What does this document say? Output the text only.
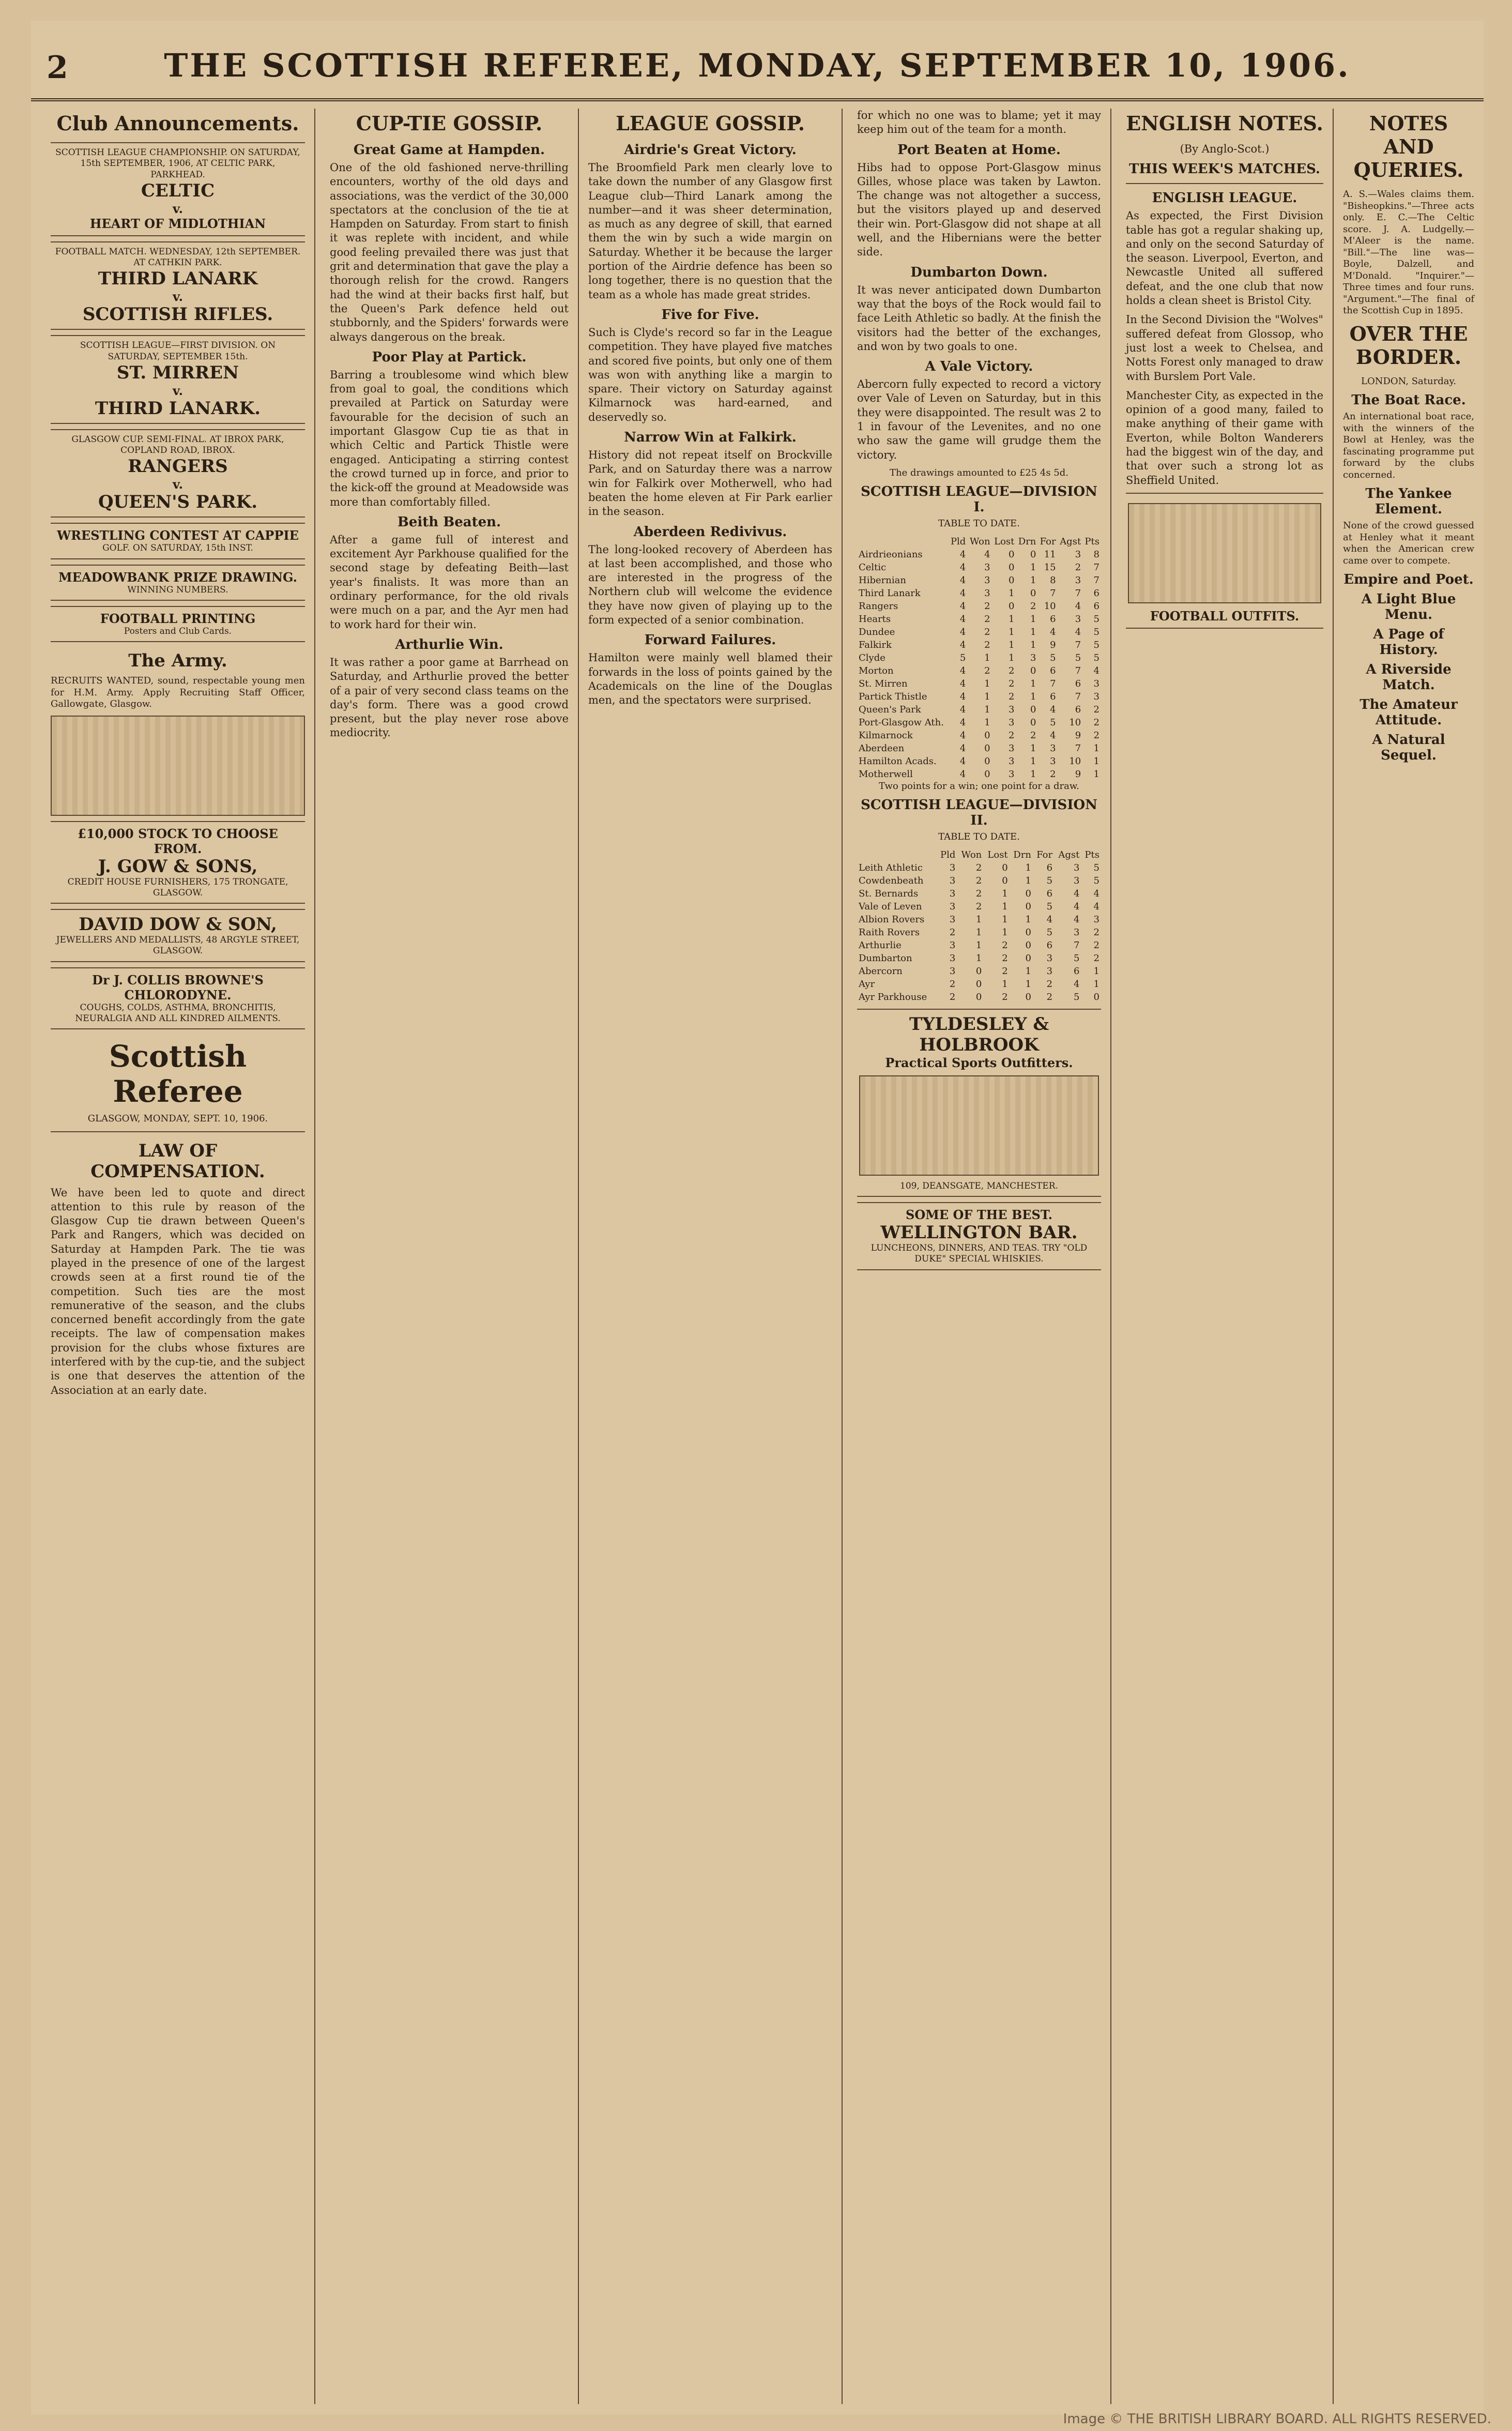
2	THE SCOTTISH REFEREE, MONDAY, SEPTEMBER 10, 1906.
Club Announcements.
SCOTTISH LEAGUE CHAMPIONSHIP. ON SATURDAY, 15th SEPTEMBER, 1906, AT CELTIC PARK, PARKHEAD.
CELTIC
v.
HEART OF MIDLOTHIAN
FOOTBALL MATCH. WEDNESDAY, 12th SEPTEMBER. AT CATHKIN PARK.
THIRD LANARK
v.
SCOTTISH RIFLES.
SCOTTISH LEAGUE—FIRST DIVISION. ON SATURDAY, SEPTEMBER 15th.
ST. MIRREN
v.
THIRD LANARK.
GLASGOW CUP. SEMI-FINAL. AT IBROX PARK, COPLAND ROAD, IBROX.
RANGERS
v.
QUEEN'S PARK.
WRESTLING CONTEST AT CAPPIE
GOLF. ON SATURDAY, 15th INST.
MEADOWBANK PRIZE DRAWING.
WINNING NUMBERS.
FOOTBALL PRINTING
Posters and Club Cards.
The Army.

RECRUITS WANTED, sound, respectable young men for H.M. Army. Apply Recruiting Staff Officer, Gallowgate, Glasgow.

£10,000 STOCK TO CHOOSE FROM.
J. GOW & SONS,
CREDIT HOUSE FURNISHERS, 175 TRONGATE, GLASGOW.
DAVID DOW & SON,
JEWELLERS AND MEDALLISTS, 48 ARGYLE STREET, GLASGOW.
Dr J. COLLIS BROWNE'S CHLORODYNE.
COUGHS, COLDS, ASTHMA, BRONCHITIS, NEURALGIA AND ALL KINDRED AILMENTS.
Scottish Referee

GLASGOW, MONDAY, SEPT. 10, 1906.

LAW OF COMPENSATION.

We have been led to quote and direct attention to this rule by reason of the Glasgow Cup tie drawn between Queen's Park and Rangers, which was decided on Saturday at Hampden Park. The tie was played in the presence of one of the largest crowds seen at a first round tie of the competition. Such ties are the most remunerative of the season, and the clubs concerned benefit accordingly from the gate receipts. The law of compensation makes provision for the clubs whose fixtures are interfered with by the cup-tie, and the subject is one that deserves the attention of the Association at an early date.

CUP-TIE GOSSIP.
Great Game at Hampden.

One of the old fashioned nerve-thrilling encounters, worthy of the old days and associations, was the verdict of the 30,000 spectators at the conclusion of the tie at Hampden on Saturday. From start to finish it was replete with incident, and while good feeling prevailed there was just that grit and determination that gave the play a thorough relish for the crowd. Rangers had the wind at their backs first half, but the Queen's Park defence held out stubbornly, and the Spiders' forwards were always dangerous on the break.

Poor Play at Partick.

Barring a troublesome wind which blew from goal to goal, the conditions which prevailed at Partick on Saturday were favourable for the decision of such an important Glasgow Cup tie as that in which Celtic and Partick Thistle were engaged. Anticipating a stirring contest the crowd turned up in force, and prior to the kick-off the ground at Meadowside was more than comfortably filled.

Beith Beaten.

After a game full of interest and excitement Ayr Parkhouse qualified for the second stage by defeating Beith—last year's finalists. It was more than an ordinary performance, for the old rivals were much on a par, and the Ayr men had to work hard for their win.

Arthurlie Win.

It was rather a poor game at Barrhead on Saturday, and Arthurlie proved the better of a pair of very second class teams on the day's form. There was a good crowd present, but the play never rose above mediocrity.

LEAGUE GOSSIP.
Airdrie's Great Victory.

The Broomfield Park men clearly love to take down the number of any Glasgow first League club—Third Lanark among the number—and it was sheer determination, as much as any degree of skill, that earned them the win by such a wide margin on Saturday. Whether it be because the larger portion of the Airdrie defence has been so long together, there is no question that the team as a whole has made great strides.

Five for Five.

Such is Clyde's record so far in the League competition. They have played five matches and scored five points, but only one of them was won with anything like a margin to spare. Their victory on Saturday against Kilmarnock was hard-earned, and deservedly so.

Narrow Win at Falkirk.

History did not repeat itself on Brockville Park, and on Saturday there was a narrow win for Falkirk over Motherwell, who had beaten the home eleven at Fir Park earlier in the season.

Aberdeen Redivivus.

The long-looked recovery of Aberdeen has at last been accomplished, and those who are interested in the progress of the Northern club will welcome the evidence they have now given of playing up to the form expected of a senior combination.

Forward Failures.

Hamilton were mainly well blamed their forwards in the loss of points gained by the Academicals on the line of the Douglas men, and the spectators were surprised.

for which no one was to blame; yet it may keep him out of the team for a month.

Port Beaten at Home.

Hibs had to oppose Port-Glasgow minus Gilles, whose place was taken by Lawton. The change was not altogether a success, but the visitors played up and deserved their win. Port-Glasgow did not shape at all well, and the Hibernians were the better side.

Dumbarton Down.

It was never anticipated down Dumbarton way that the boys of the Rock would fail to face Leith Athletic so badly. At the finish the visitors had the better of the exchanges, and won by two goals to one.

A Vale Victory.

Abercorn fully expected to record a victory over Vale of Leven on Saturday, but in this they were disappointed. The result was 2 to 1 in favour of the Levenites, and no one who saw the game will grudge them the victory.

The drawings amounted to £25 4s 5d.

SCOTTISH LEAGUE—DIVISION I.

TABLE TO DATE.

	Pld	Won	Lost	Drn	For	Agst	Pts
Airdrieonians	4	4	0	0	11	3	8
Celtic	4	3	0	1	15	2	7
Hibernian	4	3	0	1	8	3	7
Third Lanark	4	3	1	0	7	7	6
Rangers	4	2	0	2	10	4	6
Hearts	4	2	1	1	6	3	5
Dundee	4	2	1	1	4	4	5
Falkirk	4	2	1	1	9	7	5
Clyde	5	1	1	3	5	5	5
Morton	4	2	2	0	6	7	4
St. Mirren	4	1	2	1	7	6	3
Partick Thistle	4	1	2	1	6	7	3
Queen's Park	4	1	3	0	4	6	2
Port-Glasgow Ath.	4	1	3	0	5	10	2
Kilmarnock	4	0	2	2	4	9	2
Aberdeen	4	0	3	1	3	7	1
Hamilton Acads.	4	0	3	1	3	10	1
Motherwell	4	0	3	1	2	9	1

Two points for a win; one point for a draw.

SCOTTISH LEAGUE—DIVISION II.

TABLE TO DATE.

	Pld	Won	Lost	Drn	For	Agst	Pts
Leith Athletic	3	2	0	1	6	3	5
Cowdenbeath	3	2	0	1	5	3	5
St. Bernards	3	2	1	0	6	4	4
Vale of Leven	3	2	1	0	5	4	4
Albion Rovers	3	1	1	1	4	4	3
Raith Rovers	2	1	1	0	5	3	2
Arthurlie	3	1	2	0	6	7	2
Dumbarton	3	1	2	0	3	5	2
Abercorn	3	0	2	1	3	6	1
Ayr	2	0	1	1	2	4	1
Ayr Parkhouse	2	0	2	0	2	5	0
TYLDESLEY & HOLBROOK
Practical Sports Outfitters.
109, DEANSGATE, MANCHESTER.
SOME OF THE BEST.
WELLINGTON BAR.
LUNCHEONS, DINNERS, AND TEAS. TRY "OLD DUKE" SPECIAL WHISKIES.
ENGLISH NOTES.

(By Anglo-Scot.)

THIS WEEK'S MATCHES.
ENGLISH LEAGUE.

As expected, the First Division table has got a regular shaking up, and only on the second Saturday of the season. Liverpool, Everton, and Newcastle United all suffered defeat, and the one club that now holds a clean sheet is Bristol City.

In the Second Division the "Wolves" suffered defeat from Glossop, who just lost a week to Chelsea, and Notts Forest only managed to draw with Burslem Port Vale.

Manchester City, as expected in the opinion of a good many, failed to make anything of their game with Everton, while Bolton Wanderers had the biggest win of the day, and that over such a strong lot as Sheffield United.

FOOTBALL OUTFITS.
NOTES AND QUERIES.

A. S.—Wales claims them. "Bisheopkins."—Three acts only. E. C.—The Celtic score. J. A. Ludgelly.—M'Aleer is the name. "Bill."—The line was—Boyle, Dalzell, and M'Donald. "Inquirer."—Three times and four runs. "Argument."—The final of the Scottish Cup in 1895.

OVER THE BORDER.

LONDON, Saturday.

The Boat Race.

An international boat race, with the winners of the Bowl at Henley, was the fascinating programme put forward by the clubs concerned.

The Yankee Element.

None of the crowd guessed at Henley what it meant when the American crew came over to compete.

Empire and Poet.
A Light Blue Menu.
A Page of History.
A Riverside Match.
The Amateur Attitude.
A Natural Sequel.
Image © THE BRITISH LIBRARY BOARD. ALL RIGHTS RESERVED.
